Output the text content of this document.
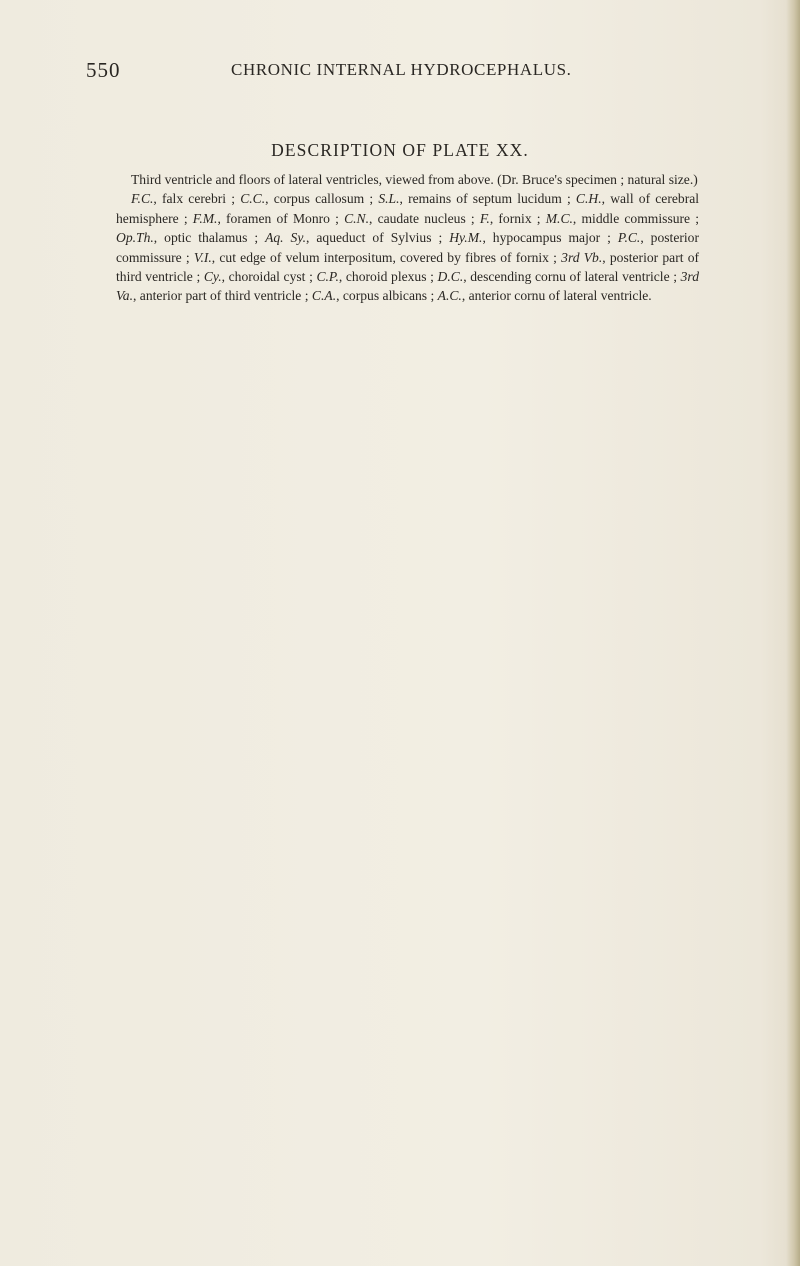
550	CHRONIC INTERNAL HYDROCEPHALUS.
DESCRIPTION OF PLATE XX.

Third ventricle and floors of lateral ventricles, viewed from above. (Dr. Bruce's specimen ; natural size.)

F.C., falx cerebri ; C.C., corpus callosum ; S.L., remains of septum lucidum ; C.H., wall of cerebral hemisphere ; F.M., foramen of Monro ; C.N., caudate nucleus ; F., fornix ; M.C., middle commissure ; Op.Th., optic thalamus ; Aq. Sy., aqueduct of Sylvius ; Hy.M., hypocampus major ; P.C., posterior commissure ; V.I., cut edge of velum interpositum, covered by fibres of fornix ; 3rd Vb., posterior part of third ventricle ; Cy., choroidal cyst ; C.P., choroid plexus ; D.C., descending cornu of lateral ventricle ; 3rd Va., anterior part of third ventricle ; C.A., corpus albicans ; A.C., anterior cornu of lateral ventricle.
